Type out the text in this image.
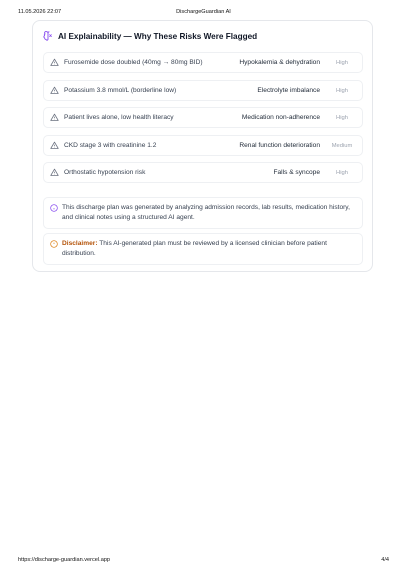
11.05.2026 22:07	DischargeGuardian AI
AI Explainability — Why These Risks Were Flagged
Furosemide dose doubled (40mg → 80mg BID)	Hypokalemia & dehydration	High
Potassium 3.8 mmol/L (borderline low)	Electrolyte imbalance	High
Patient lives alone, low health literacy	Medication non-adherence	High
CKD stage 3 with creatinine 1.2	Renal function deterioration	Medium
Orthostatic hypotension risk	Falls & syncope	High
This discharge plan was generated by analyzing admission records, lab results, medication history, and clinical notes using a structured AI agent.
Disclaimer: This AI-generated plan must be reviewed by a licensed clinician before patient distribution.
https://discharge-guardian.vercel.app	4/4
